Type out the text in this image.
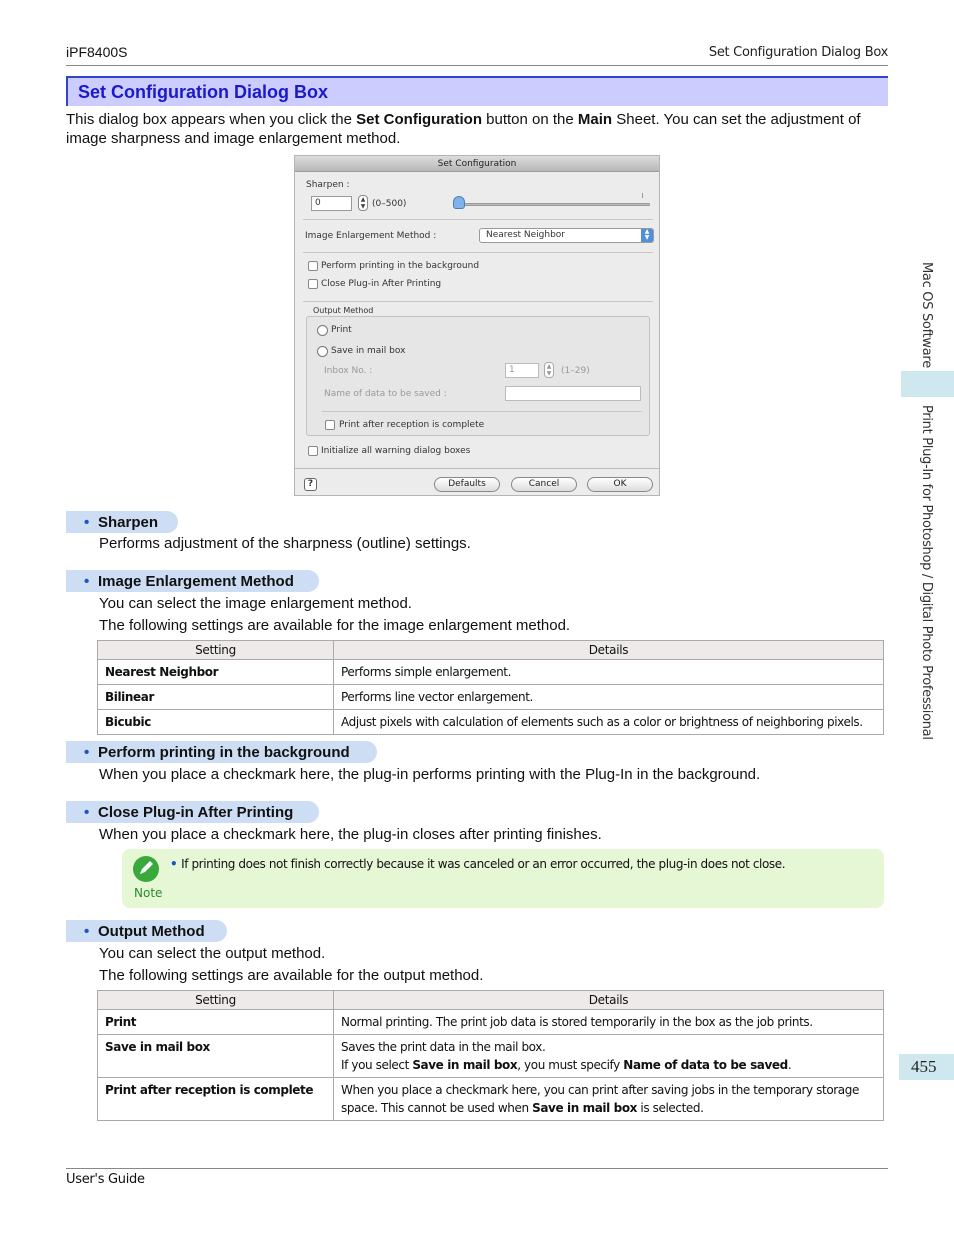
iPF8400S	Set Configuration Dialog Box
Set Configuration Dialog Box
This dialog box appears when you click the Set Configuration button on the Main Sheet. You can set the adjustment of image sharpness and image enlargement method.
Set Configuration
Sharpen :
0	▲
▼ (0–500)
Image Enlargement Method :	Nearest Neighbor	▲
▼
Perform printing in the background
Close Plug-in After Printing
Output Method
Print
Save in mail box
Inbox No. :	1	▲
▼ (1–29)
Name of data to be saved :
Print after reception is complete
Initialize all warning dialog boxes
?	Defaults	Cancel	OK
• Sharpen
Performs adjustment of the sharpness (outline) settings.
• Image Enlargement Method
You can select the image enlargement method.
The following settings are available for the image enlargement method.
Setting	Details
Nearest Neighbor	Performs simple enlargement.
Bilinear	Performs line vector enlargement.
Bicubic	Adjust pixels with calculation of elements such as a color or brightness of neighboring pixels.
• Perform printing in the background
When you place a checkmark here, the plug-in performs printing with the Plug-In in the background.
• Close Plug-in After Printing
When you place a checkmark here, the plug-in closes after printing finishes.
Note
• If printing does not finish correctly because it was canceled or an error occurred, the plug-in does not close.
• Output Method
You can select the output method.
The following settings are available for the output method.
Setting	Details
Print	Normal printing. The print job data is stored temporarily in the box as the job prints.
Save in mail box	Saves the print data in the mail box.
If you select Save in mail box, you must specify Name of data to be saved.

Print after reception is complete	When you place a checkmark here, you can print after saving jobs in the temporary storage space. This cannot be used when Save in mail box is selected.
Mac OS Software
Print Plug-In for Photoshop / Digital Photo Professional
455
User's Guide
